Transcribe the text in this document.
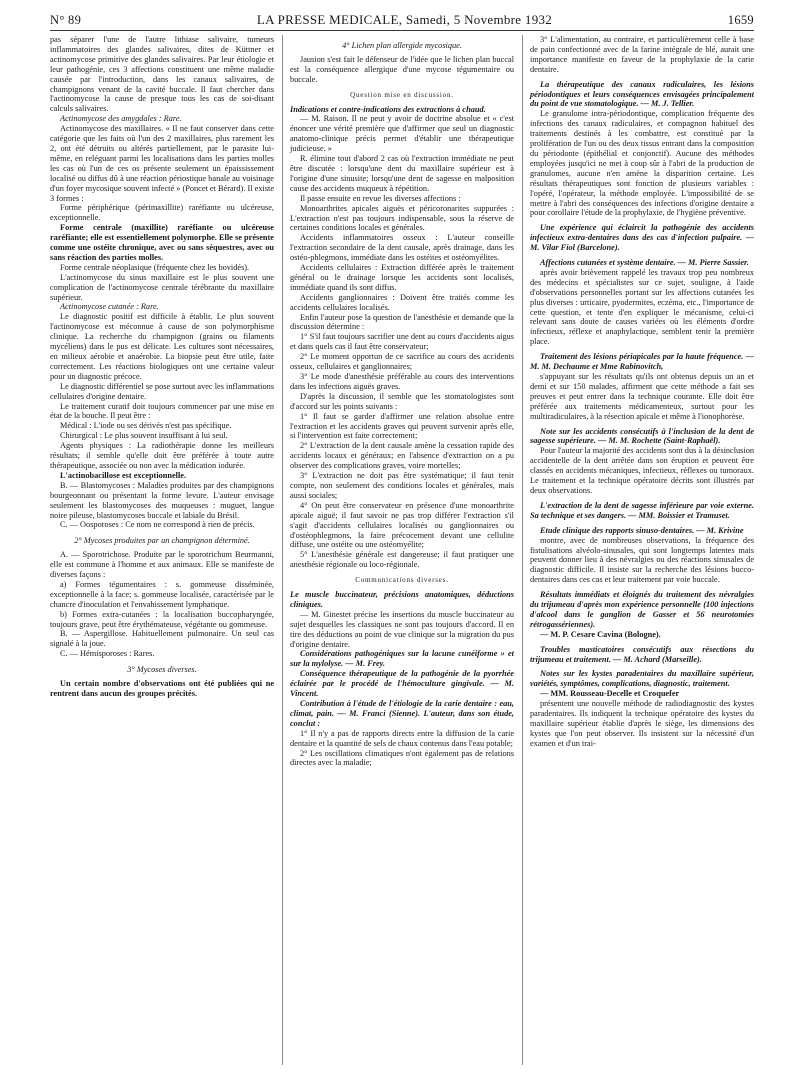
N° 89	LA PRESSE MEDICALE, Samedi, 5 Novembre 1932	1659

pas séparer l'une de l'autre lithiase salivaire, tumeurs inflammatoires des glandes salivaires, dites de Küttner et actinomycose primitive des glandes salivaires. Par leur étiologie et leur pathogénie, ces 3 affections constituent une même maladie causée par l'introduction, dans les canaux salivaires, de champignons venant de la cavité buccale. Il faut chercher dans l'actinomycose la cause de presque tous les cas de soi-disant calculs salivaires.

Actinomycose des amygdales : Rare.

Actinomycose des maxillaires. « Il ne faut conserver dans cette catégorie que les faits où l'un des 2 maxillaires, plus rarement les 2, ont été détruits ou altérés partiellement, par le parasite lui-même, en reléguant parmi les localisations dans les parties molles les cas où l'un de ces os présente seulement un épaississement localisé ou diffus dû à une réaction périostique banale au voisinage d'un foyer mycosique souvent infecté » (Poncet et Bérard). Il existe 3 formes :

Forme périphérique (périmaxillite) raréfiante ou ulcéreuse, exceptionnelle.

Forme centrale (maxillite) raréfiante ou ulcéreuse raréfiante; elle est essentiellement polymorphe. Elle se présente comme une ostéite chronique, avec ou sans séquestres, avec ou sans réaction des parties molles.

Forme centrale néoplasique (fréquente chez les bovidés).

L'actinomycose du sinus maxillaire est le plus souvent une complication de l'actinomycose centrale térébrante du maxillaire supérieur.

Actinomycose cutanée : Rare.

Le diagnostic positif est difficile à établir. Le plus souvent l'actinomycose est méconnue à cause de son polymorphisme clinique. La recherche du champignon (grains ou filaments mycéliens) dans le pus est délicate. Les cultures sont nécessaires, en milieux aérobie et anaérobie. La biopsie peut être utile, faite correctement. Les réactions biologiques ont une certaine valeur pour un diagnostic précoce.

Le diagnostic différentiel se pose surtout avec les inflammations cellulaires d'origine dentaire.

Le traitement curatif doit toujours commencer par une mise en état de la bouche. Il peut être :

Médical : L'iode ou ses dérivés n'est pas spécifique.

Chirurgical : Le plus souvent insuffisant à lui seul.

Agents physiques : La radiothérapie donne les meilleurs résultats; il semble qu'elle doit être préférée à toute autre thérapeutique, associée ou non avec la médication iodurée.

L'actinobacillose est exceptionnelle.

B. — Blastomycoses : Maladies produites par des champignons bourgeonnant ou présentant la forme levure. L'auteur envisage seulement les blastomycoses des muqueuses : muguet, langue noire pileuse, blastomycoses buccale et labiale du Brésil.

C. — Oosporoses : Ce nom ne correspond à rien de précis.

2° Mycoses produites par un champignon déterminé.

A. — Sporotrichose. Produite par le sporotrichum Beurmanni, elle est commune à l'homme et aux animaux. Elle se manifeste de diverses façons :

a) Formes tégumentaires : s. gommeuse disséminée, exceptionnelle à la face; s. gommeuse localisée, caractérisée par le chancre d'inoculation et l'envahissement lymphatique.

b) Formes extra-cutanées : la localisation buccopharyngée, toujours grave, peut être érythémateuse, végétante ou gommeuse.

B. — Aspergillose. Habituellement pulmonaire. Un seul cas signalé à la joue.

C. — Hémisporoses : Rares.

3° Mycoses diverses.

Un certain nombre d'observations ont été publiées qui ne rentrent dans aucun des groupes précités.

4° Lichen plan allergide mycosique.

Jausion s'est fait le défenseur de l'idée que le lichen plan buccal est la conséquence allergique d'une mycose tégumentaire ou buccale.

Question mise en discussion.

Indications et contre-indications des extractions à chaud.

— M. Raison. Il ne peut y avoir de doctrine absolue et « c'est énoncer une vérité première que d'affirmer que seul un diagnostic anatomo-clinique précis permet d'établir une thérapeutique judicieuse. »

R. élimine tout d'abord 2 cas où l'extraction immédiate ne peut être discutée : lorsqu'une dent du maxillaire supérieur est à l'origine d'une sinusite; lorsqu'une dent de sagesse en malposition cause des accidents muqueux à répétition.

Il passe ensuite en revue les diverses affections :

Monoarthrites apicales aiguës et péricoronarites suppurées : L'extraction n'est pas toujours indispensable, sous la réserve de certaines conditions locales et générales.

Accidents inflammatoires osseux : L'auteur conseille l'extraction secondaire de la dent causale, après drainage, dans les ostéo-phlegmons, immédiate dans les ostéites et ostéomyélites.

Accidents cellulaires : Extraction différée après le traitement général ou le drainage lorsque les accidents sont localisés, immédiate quand ils sont diffus.

Accidents ganglionnaires : Doivent être traités comme les accidents cellulaires localisés.

Enfin l'auteur pose la question de l'anesthésie et demande que la discussion détermine :

1° S'il faut toujours sacrifier une dent au cours d'accidents aigus et dans quels cas il faut être conservateur;

2° Le moment opportun de ce sacrifice au cours des accidents osseux, cellulaires et ganglionnaires;

3° Le mode d'anesthésie préférable au cours des interventions dans les infections aiguës graves.

D'après la discussion, il semble que les stomatologistes sont d'accord sur les points suivants :

1° Il faut se garder d'affirmer une relation absolue entre l'extraction et les accidents graves qui peuvent survenir après elle, si l'intervention est faite correctement;

2° L'extraction de la dent causale amène la cessation rapide des accidents locaux et généraux; en l'absence d'extraction on a pu observer des complications graves, voire mortelles;

3° L'extraction ne doit pas être systématique; il faut tenir compte, non seulement des conditions locales et générales, mais aussi sociales;

4° On peut être conservateur en présence d'une monoarthrite apicale aiguë; il faut savoir ne pas trop différer l'extraction s'il s'agit d'accidents cellulaires localisés ou ganglionnaires ou d'ostéophlegmons, la faire précocement devant une cellulite diffuse, une ostéite ou une ostéomyélite;

5° L'anesthésie générale est dangereuse; il faut pratiquer une anesthésie régionale ou loco-régionale.

Communications diverses.

Le muscle buccinateur, précisions anatomiques, déductions cliniques.

— M. Ginestet précise les insertions du muscle buccinateur au sujet desquelles les classiques ne sont pas toujours d'accord. Il en tire des déductions au point de vue clinique sur la migration du pus d'origine dentaire.

Considérations pathogéniques sur la lacune cunéiforme » et sur la mylolyse. — M. Frey.

Conséquence thérapeutique de la pathogénie de la pyorrhée éclairée par le procédé de l'hémoculture gingivale. — M. Vincent.

Contribution à l'étude de l'étiologie de la carie dentaire : eau, climat, pain. — M. Franci (Sienne). L'auteur, dans son étude, conclut :

1° Il n'y a pas de rapports directs entre la diffusion de la carie dentaire et la quantité de sels de chaux contenus dans l'eau potable;

2° Les oscillations climatiques n'ont également pas de relations directes avec la maladie;

3° L'alimentation, au contraire, et particulièrement celle à base de pain confectionné avec de la farine intégrale de blé, aurait une importance manifeste en faveur de la prophylaxie de la carie dentaire.

La thérapeutique des canaux radiculaires, les lésions périodontiques et leurs conséquences envisagées principalement du point de vue stomatologique. — M. J. Tellier.

Le granulome intra-périodontique, complication fréquente des infections des canaux radiculaires, et compagnon habituel des traitements destinés à les combattre, est constitué par la prolifération de l'un ou des deux tissus entrant dans la composition du périodonte (épithélial et conjonctif). Aucune des méthodes employées jusqu'ici ne met à coup sûr à l'abri de la production de granulomes, aucune n'en amène la disparition certaine. Les résultats thérapeutiques sont fonction de plusieurs variables : l'opéré, l'opérateur, la méthode employée. L'impossibilité de se mettre à l'abri des conséquences des infections d'origine dentaire a pour corollaire l'étude de la prophylaxie, de l'hygiène préventive.

Une expérience qui éclaircit la pathogénie des accidents infectieux extra-dentaires dans des cas d'infection pulpaire. — M. Vilar Fiol (Barcelone).

Affections cutanées et système dentaire. — M. Pierre Sassier.

après avoir brièvement rappelé les travaux trop peu nombreux des médecins et spécialistes sur ce sujet, souligne, à l'aide d'observations personnelles portant sur les affections cutanées les plus diverses : urticaire, pyodermites, eczéma, etc., l'importance de cette question, et tente d'en expliquer le mécanisme, celui-ci relevant sans doute de causes variées où les éléments d'ordre infectieux, réflexe et anaphylactique, semblent tenir la première place.

Traitement des lésions périapicales par la haute fréquence. — M. M. Dechaume et Mme Rabinovitch,

s'appuyant sur les résultats qu'ils ont obtenus depuis un an et demi et sur 150 malades, affirment que cette méthode a fait ses preuves et peut entrer dans la technique courante. Elle doit être préférée aux traitements médicamenteux, surtout pour les multiradiculaires, à la résection apicale et même à l'ionophorèse.

Note sur les accidents consécutifs à l'inclusion de la dent de sagesse supérieure. — M. M. Rochette (Saint-Raphaël).

Pour l'auteur la majorité des accidents sont dus à la désinclusion accidentelle de la dent arrêtée dans son éruption et peuvent être classés en accidents mécaniques, infectieux, réflexes ou tumoraux. Le traitement et la technique opératoire décrits sont illustrés par deux observations.

L'extraction de la dent de sagesse inférieure par voie externe. Sa technique et ses dangers. — MM. Boissier et Tramuset.

Etude clinique des rapports sinuso-dentaires. — M. Krivine

montre, avec de nombreuses observations, la fréquence des fistulisations alvéolo-sinusales, qui sont longtemps latentes mais peuvent donner lieu à des névralgies ou des réactions sinusales de diagnostic difficile. Il insiste sur la recherche des lésions bucco-dentaires dans ces cas et leur traitement par voie buccale.

Résultats immédiats et éloignés du traitement des névralgies du trijumeau d'après mon expérience personnelle (100 injections d'alcool dans le ganglion de Gasser et 56 neurotomies rétrogassériennes).

— M. P. Cesare Cavina (Bologne).

Troubles masticatoires consécutifs aux résections du trijumeau et traitement. — M. Achard (Marseille).

Notes sur les kystes paradentaires du maxillaire supérieur, variétés, symptômes, complications, diagnostic, traitement.

— MM. Rousseau-Decelle et Croquefer

présentent une nouvelle méthode de radiodiagnostic des kystes paradentaires. Ils indiquent la technique opératoire des kystes du maxillaire supérieur établie d'après le siège, les dimensions des kystes que l'on peut observer. Ils insistent sur la nécessité d'un examen et d'un trai-
